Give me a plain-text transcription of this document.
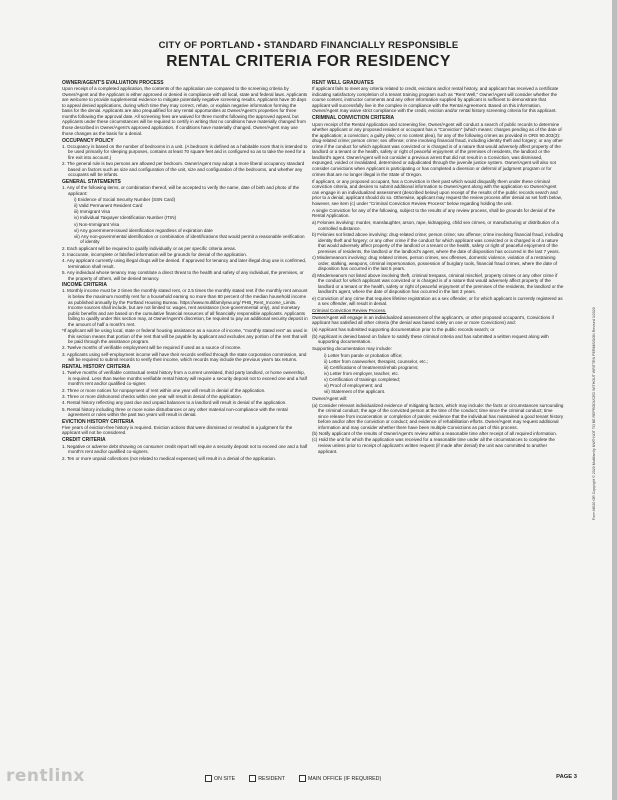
CITY OF PORTLAND • STANDARD FINANCIALLY RESPONSIBLE
RENTAL CRITERIA FOR RESIDENCY
OWNER/AGENT'S EVALUATION PROCESS
Upon receipt of a completed application, the contents of the application are compared to the screening criteria by Owner/Agent and the Applicant is either approved or denied in compliance with all local, state and federal laws. Applicants are welcome to provide supplemental evidence to mitigate potentially negative screening results. Applicants have 30 days to appeal denied applications, during which time they may correct, refute, or explain negative information forming the basis for the denial. Applicants are also prequalified for any rental opportunities at Owner/Agent's properties for three months following the approval date. All screening fees are waived for three months following the approved appeal, but Applicants under these circumstances will be required to certify in writing that no conditions have materially changed from those described in Owner/Agent's approved application. If conditions have materially changed, Owner/Agent may use those changes as the basis for a denial.
OCCUPANCY POLICY
1. Occupancy is based on the number of bedrooms in a unit. (A bedroom is defined as a habitable room that is intended to be used primarily for sleeping purposes, contains at least 70 square feet and is configured so as to take the need for a fire exit into account.)
2. The general rule is two persons are allowed per bedroom. Owner/Agent may adopt a more liberal occupancy standard based on factors such as size and configuration of the unit, size and configuration of the bedrooms, and whether any occupants will be infants.
GENERAL STATEMENTS
1. Any of the following items, or combination thereof, will be accepted to verify the name, date of birth and photo of the applicant:
i) Evidence of Social Security Number (SSN Card)
ii) Valid Permanent Resident Card
iii) Immigrant Visa
iv) Individual Taxpayer Identification Number (ITIN)
v) Non-Immigrant Visa
vi) Any government-issued identification regardless of expiration date
vii) Any non-governmental identification or combination of identifications that would permit a reasonable verification of identity
2. Each applicant will be required to qualify individually or as per specific criteria areas.
3. Inaccurate, incomplete or falsified information will be grounds for denial of the application.
4. Any applicant currently using illegal drugs will be denied. If approved for tenancy and later illegal drug use is confirmed, termination shall result.
5. Any individual whose tenancy may constitute a direct threat to the health and safety of any individual, the premises, or the property of others, will be denied tenancy.
INCOME CRITERIA
1. Monthly income must be 2 times the monthly stated rent, or 2.5 times the monthly stated rent if the monthly rent amount is below the maximum monthly rent for a household earning no more than 80 percent of the median household income as published annually by the Portland Housing Bureau. https://www.multifamilynw.org/ PHB_Rent_Income_Limits. Income sources shall include, but are not limited to: wages, rent assistance (non-governmental only), and monetary public benefits and are based on the cumulative financial resources of all financially responsible applicants. Applicants failing to qualify under this section may, at Owner/Agent's discretion, be required to pay an additional security deposit in the amount of half a month's rent.
*If applicant will be using local, state or federal housing assistance as a source of income, "monthly stated rent" as used in this section means that portion of the rent that will be payable by applicant and excludes any portion of the rent that will be paid through the assistance program.
2. Twelve months of verifiable employment will be required if used as a source of income.
3. Applicants using self-employment income will have their records verified through the state corporation commission, and will be required to submit records to verify their income, which records may include the previous year's tax returns.
RENTAL HISTORY CRITERIA
1. Twelve months of verifiable contractual rental history from a current unrelated, third party landlord, or home ownership, is required. Less than twelve months verifiable rental history will require a security deposit not to exceed one and a half month's rent and/or qualified co-signer.
2. Three or more notices for nonpayment of rent within one year will result in denial of the application.
3. Three or more dishonored checks within one year will result in denial of the application.
4. Rental history reflecting any past due and unpaid balances to a landlord will result in denial of the application.
5. Rental history including three or more noise disturbances or any other material non-compliance with the rental agreement or rules within the past two years will result in denial.
EVICTION HISTORY CRITERIA
Five years of eviction-free history is required. Eviction actions that were dismissed or resulted in a judgment for the applicant will not be considered.
CREDIT CRITERIA
1. Negative or adverse debt showing on consumer credit report will require a security deposit not to exceed one and a half month's rent and/or qualified co-signers.
2. Ten or more unpaid collections (not related to medical expenses) will result in a denial of the application.
RENT WELL GRADUATES
If applicant fails to meet any criteria related to credit, evictions and/or rental history, and applicant has received a certificate indicating satisfactory completion of a tenant training program such as "Rent Well," Owner/Agent will consider whether the course content, instructor comments and any other information supplied by applicant is sufficient to demonstrate that applicant will successfully live in the complex in compliance with the Rental Agreement. Based on this information, Owner/Agent may waive strict compliance with the credit, eviction and/or rental history screening criteria for this applicant.
CRIMINAL CONVICTION CRITERIA
Upon receipt of the Rental Application and screening fee, Owner/Agent will conduct a search of public records to determine whether applicant or any proposed resident or occupant has a "Conviction" (which means: charges pending as of the date of the application; a conviction; a guilty plea; or no contest plea), for any of the following crimes as provided in ORS 90.303(3): drug-related crime; person crime; sex offense; crime involving financial fraud, including identity theft and forgery; or any other crime if the conduct for which applicant was convicted or is charged is of a nature that would adversely affect property of the landlord or a tenant or the health, safety or right of peaceful enjoyment of the premises of residents, the landlord or the landlord's agent. Owner/Agent will not consider a previous arrest that did not result in a Conviction, was dismissed, expunged, voided or invalidated, determined or adjudicated through the juvenile justice system. Owner/Agent will also not consider convictions when Applicant is participating or has completed a diversion or deferral of judgment program or for crimes that are no longer illegal in the State of Oregon.
If applicant, or any proposed occupant, has a Conviction in their past which would disqualify them under these criminal conviction criteria, and desires to submit additional information to Owner/Agent along with the application so Owner/Agent can engage in an individualized assessment (described below) upon receipt of the results of the public records search and prior to a denial, applicant should do so. Otherwise, applicant may request the review process after denial as set forth below, however, see item (c) under "Criminal Conviction Review Process" below regarding holding the unit.
A single Conviction for any of the following, subject to the results of any review process, shall be grounds for denial of the Rental Application.
a) Felonies involving: murder, manslaughter, arson, rape, kidnapping, child sex crimes, or manufacturing or distribution of a controlled substance.
b) Felonies not listed above involving: drug-related crime; person crime; sex offense; crime involving financial fraud, including identity theft and forgery; or any other crime if the conduct for which applicant was convicted or is charged is of a nature that would adversely affect property of the landlord or a tenant or the health, safety or right of peaceful enjoyment of the premises of residents, the landlord or the landlord's agent, where the date of disposition has occurred in the last 7 years.
c) Misdemeanors involving: drug related crimes, person crimes, sex offenses, domestic violence, violation of a restraining order, stalking, weapons, criminal impersonation, possession of burglary tools, financial fraud crimes, where the date of disposition has occurred in the last 5 years.
d) Misdemeanors not listed above involving theft, criminal trespass, criminal mischief, property crimes or any other crime if the conduct for which applicant was convicted or is charged is of a nature that would adversely affect property of the landlord or a tenant or the health, safety or right of peaceful enjoyment of the premises of the residents, the landlord or the landlord's agent, where the date of disposition has occurred in the last 3 years.
e) Conviction of any crime that requires lifetime registration as a sex offender, or for which applicant is currently registered as a sex offender, will result in denial.
Criminal Conviction Review Process.
Owner/Agent will engage in an individualized assessment of the applicant's, or other proposed occupant's, Convictions if applicant has satisfied all other criteria (the denial was based solely on one or more Convictions) and:
(a) Applicant has submitted supporting documentation prior to the public records search; or
(b) Applicant is denied based on failure to satisfy these criminal criteria and has submitted a written request along with supporting documentation.
Supporting documentation may include:
i) Letter from parole or probation office;
ii) Letter from caseworker, therapist, counselor, etc.;
iii) Certifications of treatments/rehab programs;
iv) Letter from employer, teacher, etc.
v) Certification of trainings completed;
vi) Proof of employment; and
vii) Statement of the applicant.
Owner/Agent will:
(a) Consider relevant individualized evidence of mitigating factors, which may include: the facts or circumstances surrounding the criminal conduct; the age of the convicted person at the time of the conduct; time since the criminal conduct; time since release from incarceration or completion of parole; evidence that the individual has maintained a good tenant history before and/or after the conviction or conduct; and evidence of rehabilitation efforts. Owner/Agent may request additional information and may consider whether there have been multiple Convictions as part of this process.
(b) Notify applicant of the results of Owner/Agent's review within a reasonable time after receipt of all required information.
(c) Hold the unit for which the application was received for a reasonable time under all the circumstances to complete the review unless prior to receipt of applicant's written request (if made after denial) the unit was committed to another applicant.	Form M020 OR Copyright © 2020 Multifamily NW® NOT TO BE REPRODUCED WITHOUT WRITTEN PERMISSION Revised 3/2020
ON SITE	RESIDENT	MAIN OFFICE (IF REQUIRED)	PAGE 3
rentlinx
